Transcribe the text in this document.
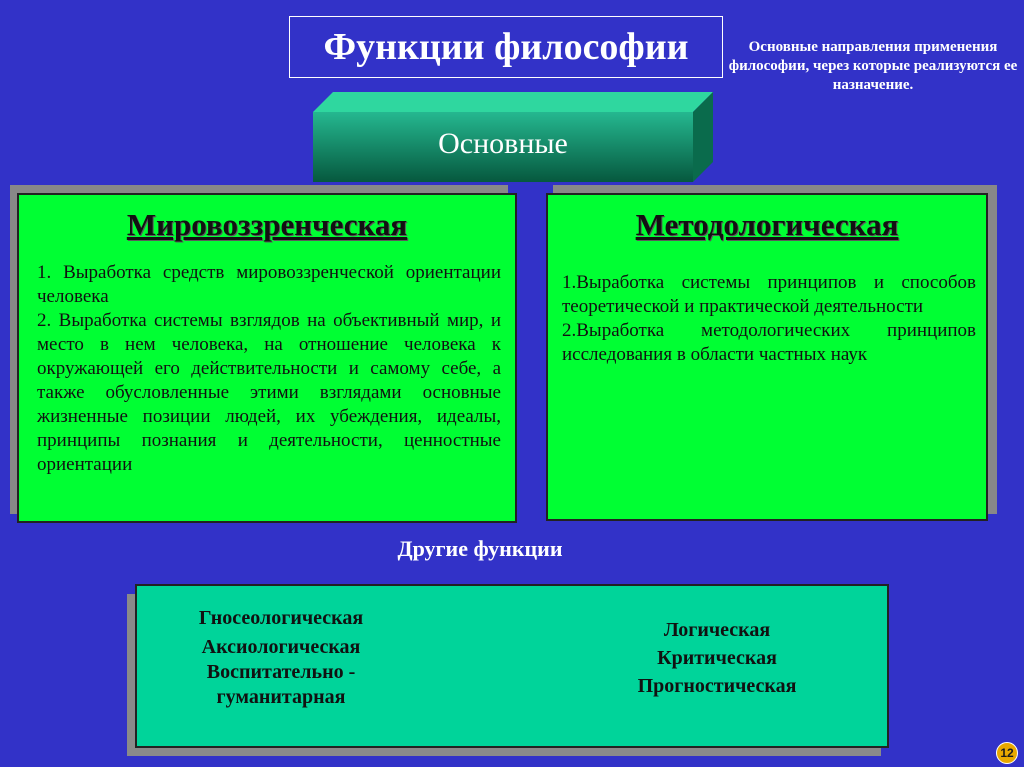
Функции философии	Основные направления применения философии, через которые реализуются ее назначение.
Основные
Мировоззренческая

1. Выработка средств мировоззренческой ориентации человека

2. Выработка системы взглядов на объективный мир, и место в нем человека, на отношение человека к окружающей его действительности и самому себе, а также обусловленные этими взглядами основные жизненные позиции людей, их убеждения, идеалы, принципы познания и деятельности, ценностные ориентации

Методологическая

1.Выработка системы принципов и способов теоретической и практической деятельности

2.Выработка методологических принципов исследования в области частных наук

Другие функции
Гносеологическая
Аксиологическая
Воспитательно -
гуманитарная
Логическая
Критическая
Прогностическая
12
